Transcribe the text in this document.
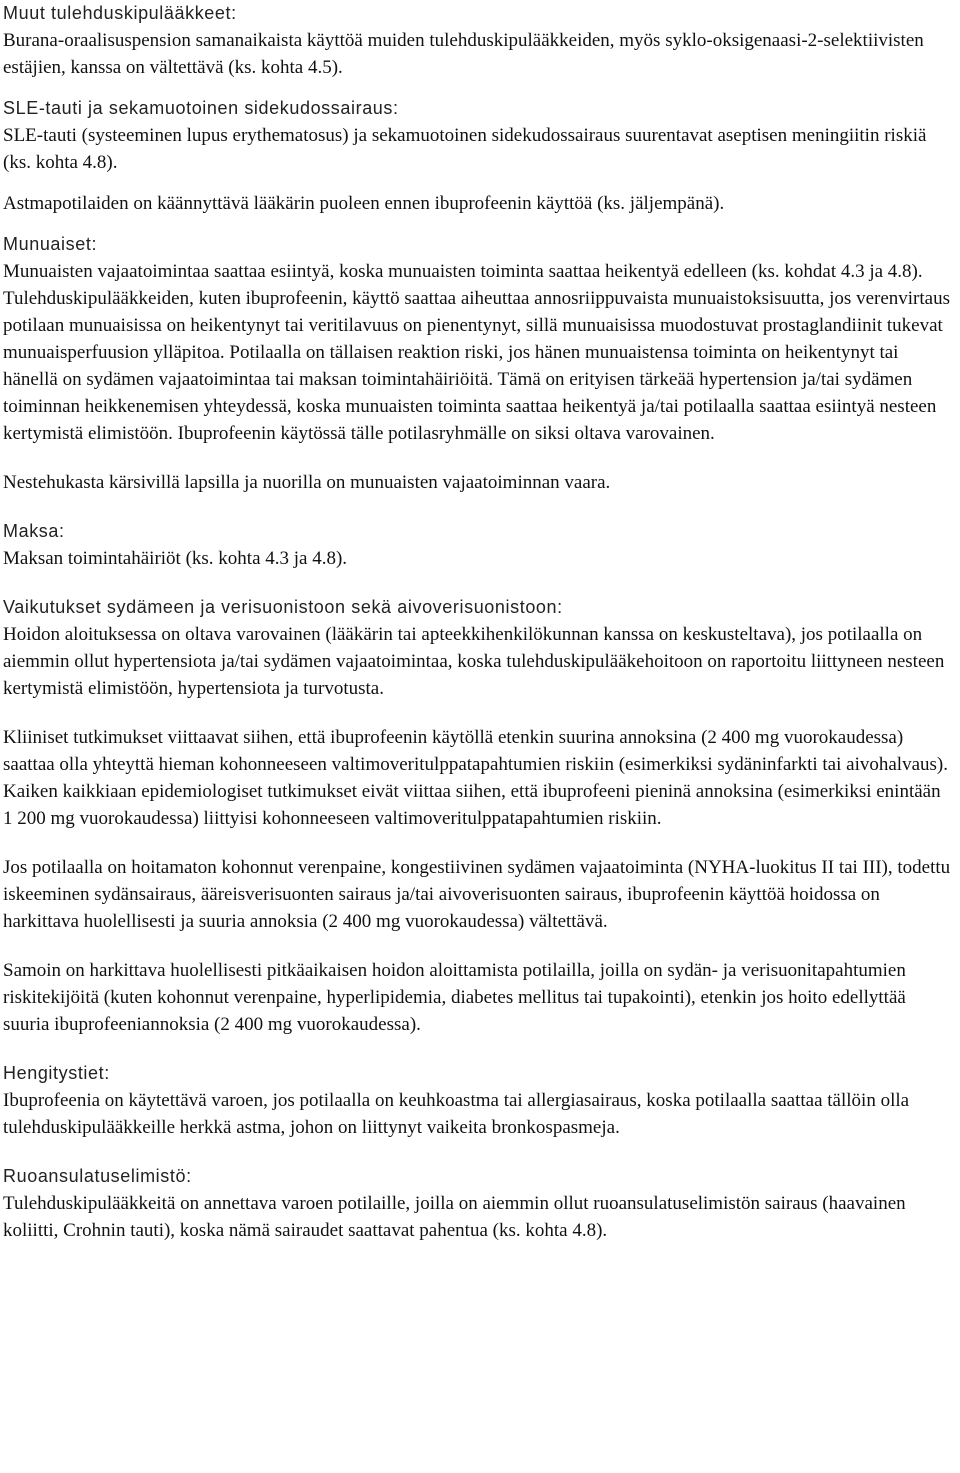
Muut tulehduskipulääkkeet:

Burana-oraalisuspension samanaikaista käyttöä muiden tulehduskipulääkkeiden, myös syklo-oksigenaasi-2-selektiivisten estäjien, kanssa on vältettävä (ks. kohta 4.5).

SLE-tauti ja sekamuotoinen sidekudossairaus:

SLE-tauti (systeeminen lupus erythematosus) ja sekamuotoinen sidekudossairaus suurentavat aseptisen meningiitin riskiä (ks. kohta 4.8).

Astmapotilaiden on käännyttävä lääkärin puoleen ennen ibuprofeenin käyttöä (ks. jäljempänä).

Munuaiset:

Munuaisten vajaatoimintaa saattaa esiintyä, koska munuaisten toiminta saattaa heikentyä edelleen (ks. kohdat 4.3 ja 4.8).

Tulehduskipulääkkeiden, kuten ibuprofeenin, käyttö saattaa aiheuttaa annosriippuvaista munuaistoksisuutta, jos verenvirtaus potilaan munuaisissa on heikentynyt tai veritilavuus on pienentynyt, sillä munuaisissa muodostuvat prostaglandiinit tukevat munuaisperfuusion ylläpitoa. Potilaalla on tällaisen reaktion riski, jos hänen munuaistensa toiminta on heikentynyt tai hänellä on sydämen vajaatoimintaa tai maksan toimintahäiriöitä. Tämä on erityisen tärkeää hypertension ja/tai sydämen toiminnan heikkenemisen yhteydessä, koska munuaisten toiminta saattaa heikentyä ja/tai potilaalla saattaa esiintyä nesteen kertymistä elimistöön. Ibuprofeenin käytössä tälle potilasryhmälle on siksi oltava varovainen.

Nestehukasta kärsivillä lapsilla ja nuorilla on munuaisten vajaatoiminnan vaara.

Maksa:

Maksan toimintahäiriöt (ks. kohta 4.3 ja 4.8).

Vaikutukset sydämeen ja verisuonistoon sekä aivoverisuonistoon:

Hoidon aloituksessa on oltava varovainen (lääkärin tai apteekkihenkilökunnan kanssa on keskusteltava), jos potilaalla on aiemmin ollut hypertensiota ja/tai sydämen vajaatoimintaa, koska tulehduskipulääkehoitoon on raportoitu liittyneen nesteen kertymistä elimistöön, hypertensiota ja turvotusta.

Kliiniset tutkimukset viittaavat siihen, että ibuprofeenin käytöllä etenkin suurina annoksina (2 400 mg vuorokaudessa) saattaa olla yhteyttä hieman kohonneeseen valtimoveritulppatapahtumien riskiin (esimerkiksi sydäninfarkti tai aivohalvaus). Kaiken kaikkiaan epidemiologiset tutkimukset eivät viittaa siihen, että ibuprofeeni pieninä annoksina (esimerkiksi enintään 1 200 mg vuorokaudessa) liittyisi kohonneeseen valtimoveritulppatapahtumien riskiin.

Jos potilaalla on hoitamaton kohonnut verenpaine, kongestiivinen sydämen vajaatoiminta (NYHA-luokitus II tai III), todettu iskeeminen sydänsairaus, ääreisverisuonten sairaus ja/tai aivoverisuonten sairaus, ibuprofeenin käyttöä hoidossa on harkittava huolellisesti ja suuria annoksia (2 400 mg vuorokaudessa) vältettävä.

Samoin on harkittava huolellisesti pitkäaikaisen hoidon aloittamista potilailla, joilla on sydän- ja verisuonitapahtumien riskitekijöitä (kuten kohonnut verenpaine, hyperlipidemia, diabetes mellitus tai tupakointi), etenkin jos hoito edellyttää suuria ibuprofeeniannoksia (2 400 mg vuorokaudessa).

Hengitystiet:

Ibuprofeenia on käytettävä varoen, jos potilaalla on keuhkoastma tai allergiasairaus, koska potilaalla saattaa tällöin olla tulehduskipulääkkeille herkkä astma, johon on liittynyt vaikeita bronkospasmeja.

Ruoansulatuselimistö:

Tulehduskipulääkkeitä on annettava varoen potilaille, joilla on aiemmin ollut ruoansulatuselimistön sairaus (haavainen koliitti, Crohnin tauti), koska nämä sairaudet saattavat pahentua (ks. kohta 4.8).
